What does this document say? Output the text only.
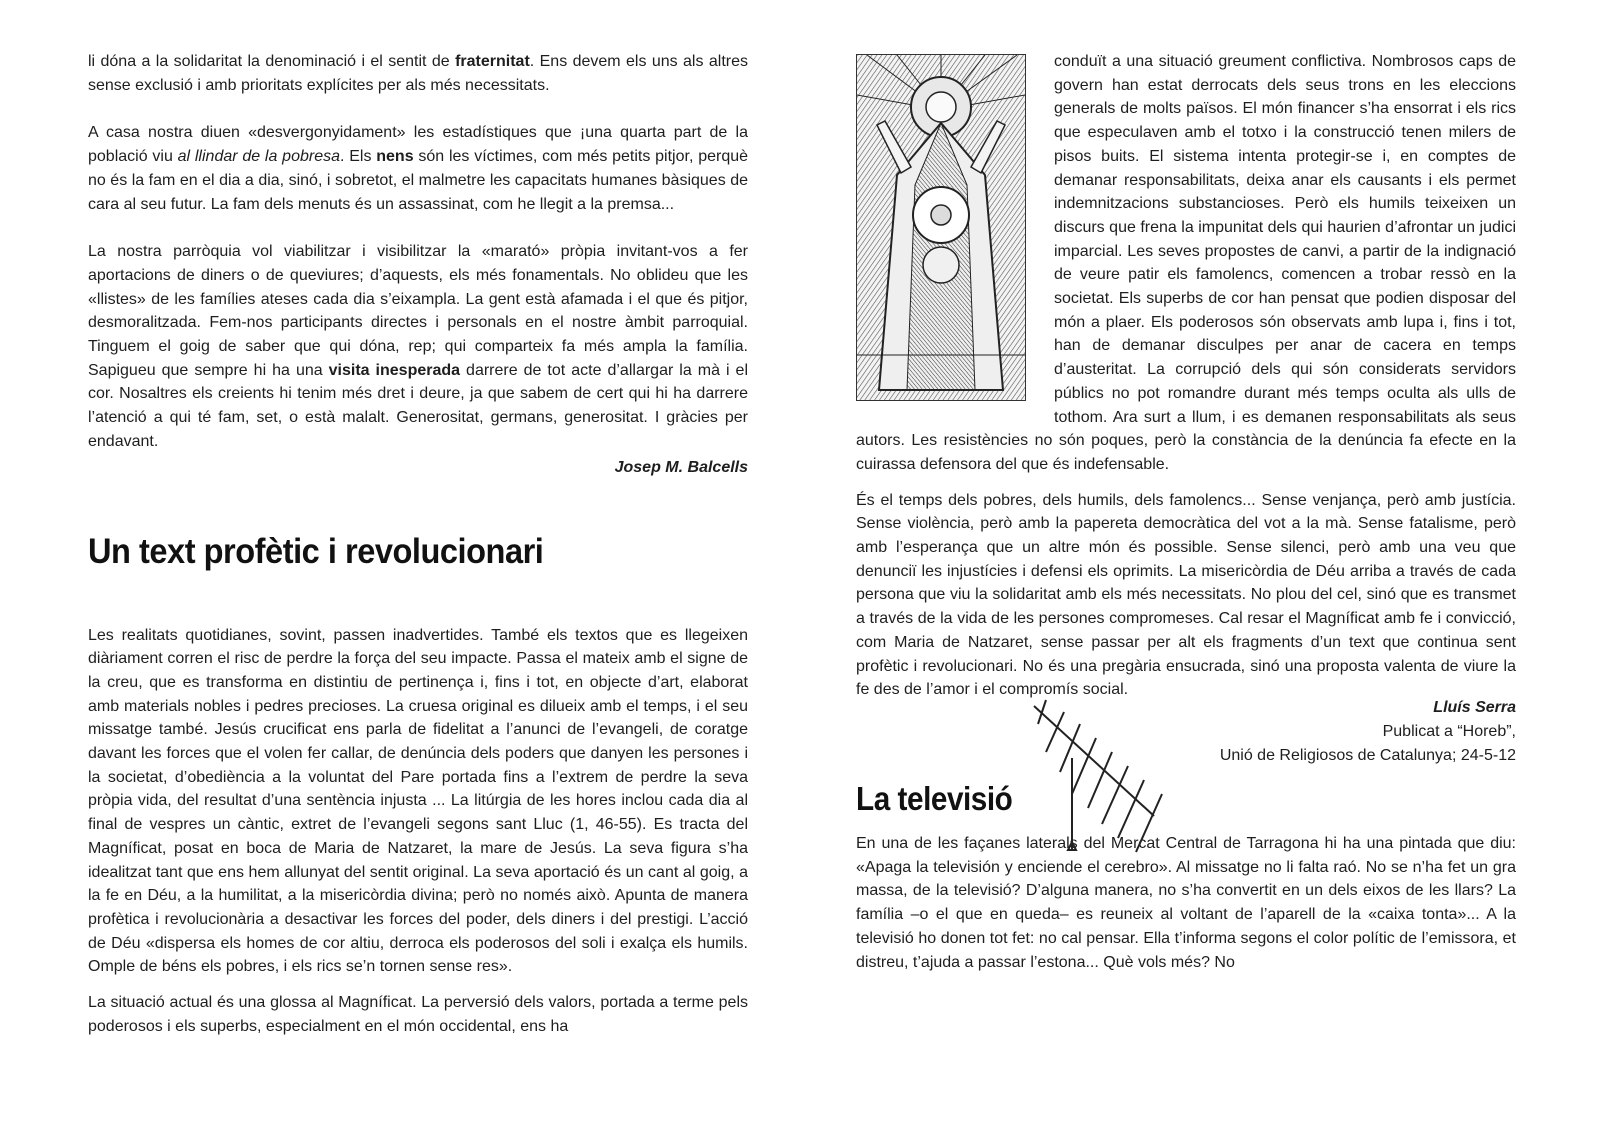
li dóna a la solidaritat la denominació i el sentit de fraternitat. Ens devem els uns als altres sense exclusió i amb prioritats explícites per als més necessitats.

A casa nostra diuen «desvergonyidament» les estadístiques que ¡una quarta part de la població viu al llindar de la pobresa. Els nens són les víctimes, com més petits pitjor, perquè no és la fam en el dia a dia, sinó, i sobretot, el malmetre les capacitats humanes bàsiques de cara al seu futur. La fam dels menuts és un assassinat, com he llegit a la premsa...

La nostra parròquia vol viabilitzar i visibilitzar la «marató» pròpia invitant-vos a fer aportacions de diners o de queviures; d’aquests, els més fonamentals. No oblideu que les «llistes» de les famílies ateses cada dia s’eixampla. La gent està afamada i el que és pitjor, desmoralitzada. Fem-nos participants directes i personals en el nostre àmbit parroquial. Tinguem el goig de saber que qui dóna, rep; qui comparteix fa més ampla la família. Sapigueu que sempre hi ha una visita inesperada darrere de tot acte d’allargar la mà i el cor. Nosaltres els creients hi tenim més dret i deure, ja que sabem de cert qui hi ha darrere l’atenció a qui té fam, set, o està malalt. Generositat, germans, generositat. I gràcies per endavant.

Josep M. Balcells
Un text profètic i revolucionari

Les realitats quotidianes, sovint, passen inadvertides. També els textos que es llegeixen diàriament corren el risc de perdre la força del seu impacte. Passa el mateix amb el signe de la creu, que es transforma en distintiu de pertinença i, fins i tot, en objecte d’art, elaborat amb materials nobles i pedres precioses. La cruesa original es dilueix amb el temps, i el seu missatge també. Jesús crucificat ens parla de fidelitat a l’anunci de l’evangeli, de coratge davant les forces que el volen fer callar, de denúncia dels poders que danyen les persones i la societat, d’obediència a la voluntat del Pare portada fins a l’extrem de perdre la seva pròpia vida, del resultat d’una sentència injusta ... La litúrgia de les hores inclou cada dia al final de vespres un càntic, extret de l’evangeli segons sant Lluc (1, 46-55). Es tracta del Magníficat, posat en boca de Maria de Natzaret, la mare de Jesús. La seva figura s’ha idealitzat tant que ens hem allunyat del sentit original. La seva aportació és un cant al goig, a la fe en Déu, a la humilitat, a la misericòrdia divina; però no només això. Apunta de manera profètica i revolucionària a desactivar les forces del poder, dels diners i del prestigi. L’acció de Déu «dispersa els homes de cor altiu, derroca els poderosos del soli i exalça els humils. Omple de béns els pobres, i els rics se’n tornen sense res».

La situació actual és una glossa al Magníficat. La perversió dels valors, portada a terme pels poderosos i els superbs, especialment en el món occidental, ens ha

conduït a una situació greument conflictiva. Nombrosos caps de govern han estat derrocats dels seus trons en les eleccions generals de molts països. El món financer s’ha ensorrat i els rics que especulaven amb el totxo i la construcció tenen milers de pisos buits. El sistema intenta protegir-se i, en comptes de demanar responsabilitats, deixa anar els causants i els permet indemnitzacions substancioses. Però els humils teixeixen un discurs que frena la impunitat dels qui haurien d’afrontar un judici imparcial. Les seves propostes de canvi, a partir de la indignació de veure patir els famolencs, comencen a trobar ressò en la societat. Els superbs de cor han pensat que podien disposar del món a plaer. Els poderosos són observats amb lupa i, fins i tot, han de demanar disculpes per anar de cacera en temps d’austeritat. La corrupció dels qui són considerats servidors públics no pot romandre durant més temps oculta als ulls de tothom. Ara surt a llum, i es demanen responsabilitats als seus autors. Les resistències no són poques, però la constància de la denúncia fa efecte en la cuirassa defensora del que és indefensable.

És el temps dels pobres, dels humils, dels famolencs... Sense venjança, però amb justícia. Sense violència, però amb la papereta democràtica del vot a la mà. Sense fatalisme, però amb l’esperança que un altre món és possible. Sense silenci, però amb una veu que denunciï les injustícies i defensi els oprimits. La misericòrdia de Déu arriba a través de cada persona que viu la solidaritat amb els més necessitats. No plou del cel, sinó que es transmet a través de la vida de les persones compromeses. Cal resar el Magníficat amb fe i convicció, com Maria de Natzaret, sense passar per alt els fragments d’un text que continua sent profètic i revolucionari. No és una pregària ensucrada, sinó una proposta valenta de viure la fe des de l’amor i el compromís social.

Lluís Serra
Publicat a “Horeb”,
Unió de Religiosos de Catalunya; 24-5-12
La televisió

En una de les façanes laterals del Mercat Central de Tarragona hi ha una pintada que diu: «Apaga la televisión y enciende el cerebro». Al missatge no li falta raó. No se n’ha fet un gra massa, de la televisió? D’alguna manera, no s’ha convertit en un dels eixos de les llars? La família –o el que en queda– es reuneix al voltant de l’aparell de la «caixa tonta»... A la televisió ho donen tot fet: no cal pensar. Ella t’informa segons el color polític de l’emissora, et distreu, t’ajuda a passar l’estona... Què vols més? No
